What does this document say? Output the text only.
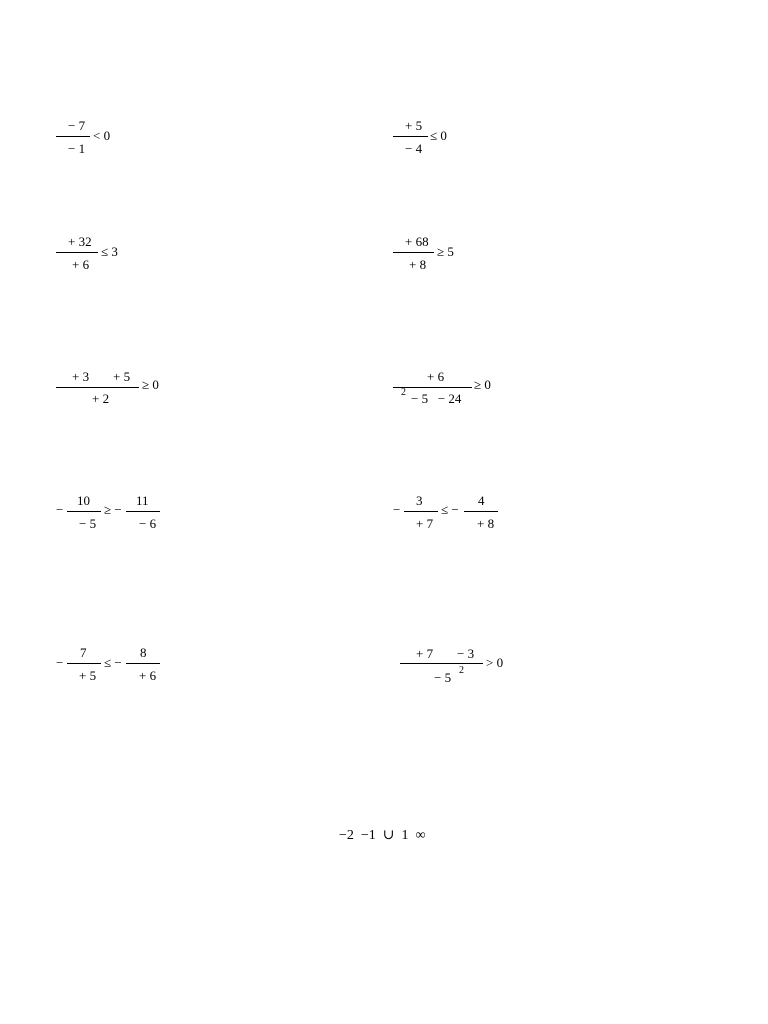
− 7
− 1
< 0
+ 5
− 4
≤ 0
+ 32
+ 6
≤ 3
+ 68
+ 8
≥ 5
+ 3 + 5
+ 2
≥ 0
+ 6
2 − 5   − 24
≥ 0
−
10
− 5
≥ −
11
− 6
−
3
+ 7
≤ −
4
+ 8
−
7
+ 5
≤ −
8
+ 6
+ 7 − 3
− 5 2
> 0
−2  −1  ∪  1  ∞
